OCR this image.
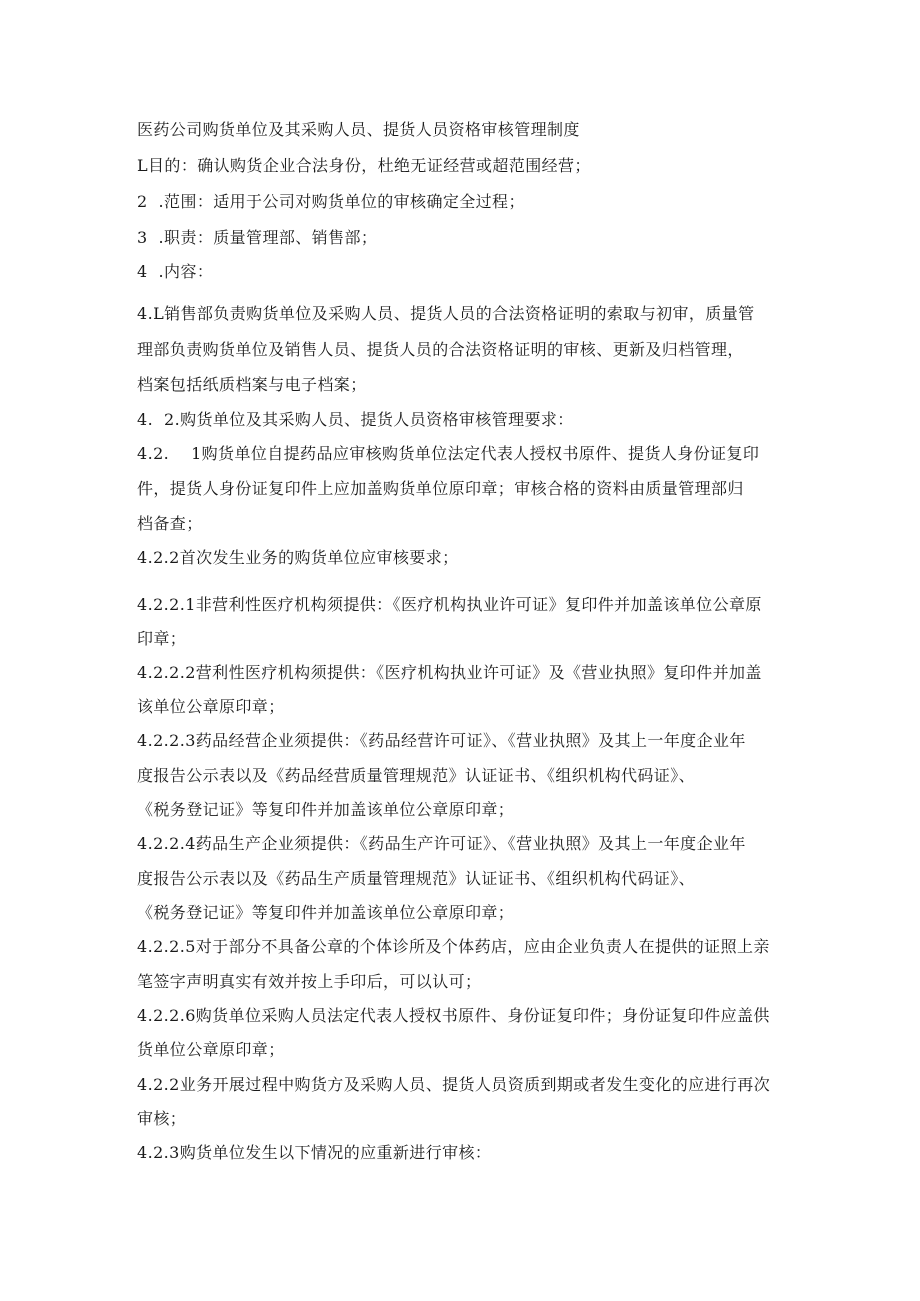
医药公司购货单位及其采购人员、提货人员资格审核管理制度
L目的：确认购货企业合法身份，杜绝无证经营或超范围经营；
2  .范围：适用于公司对购货单位的审核确定全过程；
3  .职责：质量管理部、销售部；
4  .内容：
4.L销售部负责购货单位及采购人员、提货人员的合法资格证明的索取与初审，质量管
理部负责购货单位及销售人员、提货人员的合法资格证明的审核、更新及归档管理，
档案包括纸质档案与电子档案；
4.  2.购货单位及其采购人员、提货人员资格审核管理要求：
4.2.    1购货单位自提药品应审核购货单位法定代表人授权书原件、提货人身份证复印
件，提货人身份证复印件上应加盖购货单位原印章；审核合格的资料由质量管理部归
档备查；
4.2.2首次发生业务的购货单位应审核要求；
4.2.2.1非营利性医疗机构须提供：《医疗机构执业许可证》复印件并加盖该单位公章原
印章；
4.2.2.2营利性医疗机构须提供：《医疗机构执业许可证》及《营业执照》复印件并加盖
该单位公章原印章；
4.2.2.3药品经营企业须提供：《药品经营许可证》、《营业执照》及其上一年度企业年
度报告公示表以及《药品经营质量管理规范》认证证书、《组织机构代码证》、
《税务登记证》等复印件并加盖该单位公章原印章；
4.2.2.4药品生产企业须提供：《药品生产许可证》、《营业执照》及其上一年度企业年
度报告公示表以及《药品生产质量管理规范》认证证书、《组织机构代码证》、
《税务登记证》等复印件并加盖该单位公章原印章；
4.2.2.5对于部分不具备公章的个体诊所及个体药店，应由企业负责人在提供的证照上亲
笔签字声明真实有效并按上手印后，可以认可；
4.2.2.6购货单位采购人员法定代表人授权书原件、身份证复印件；身份证复印件应盖供
货单位公章原印章；
4.2.2业务开展过程中购货方及采购人员、提货人员资质到期或者发生变化的应进行再次
审核；
4.2.3购货单位发生以下情况的应重新进行审核：
